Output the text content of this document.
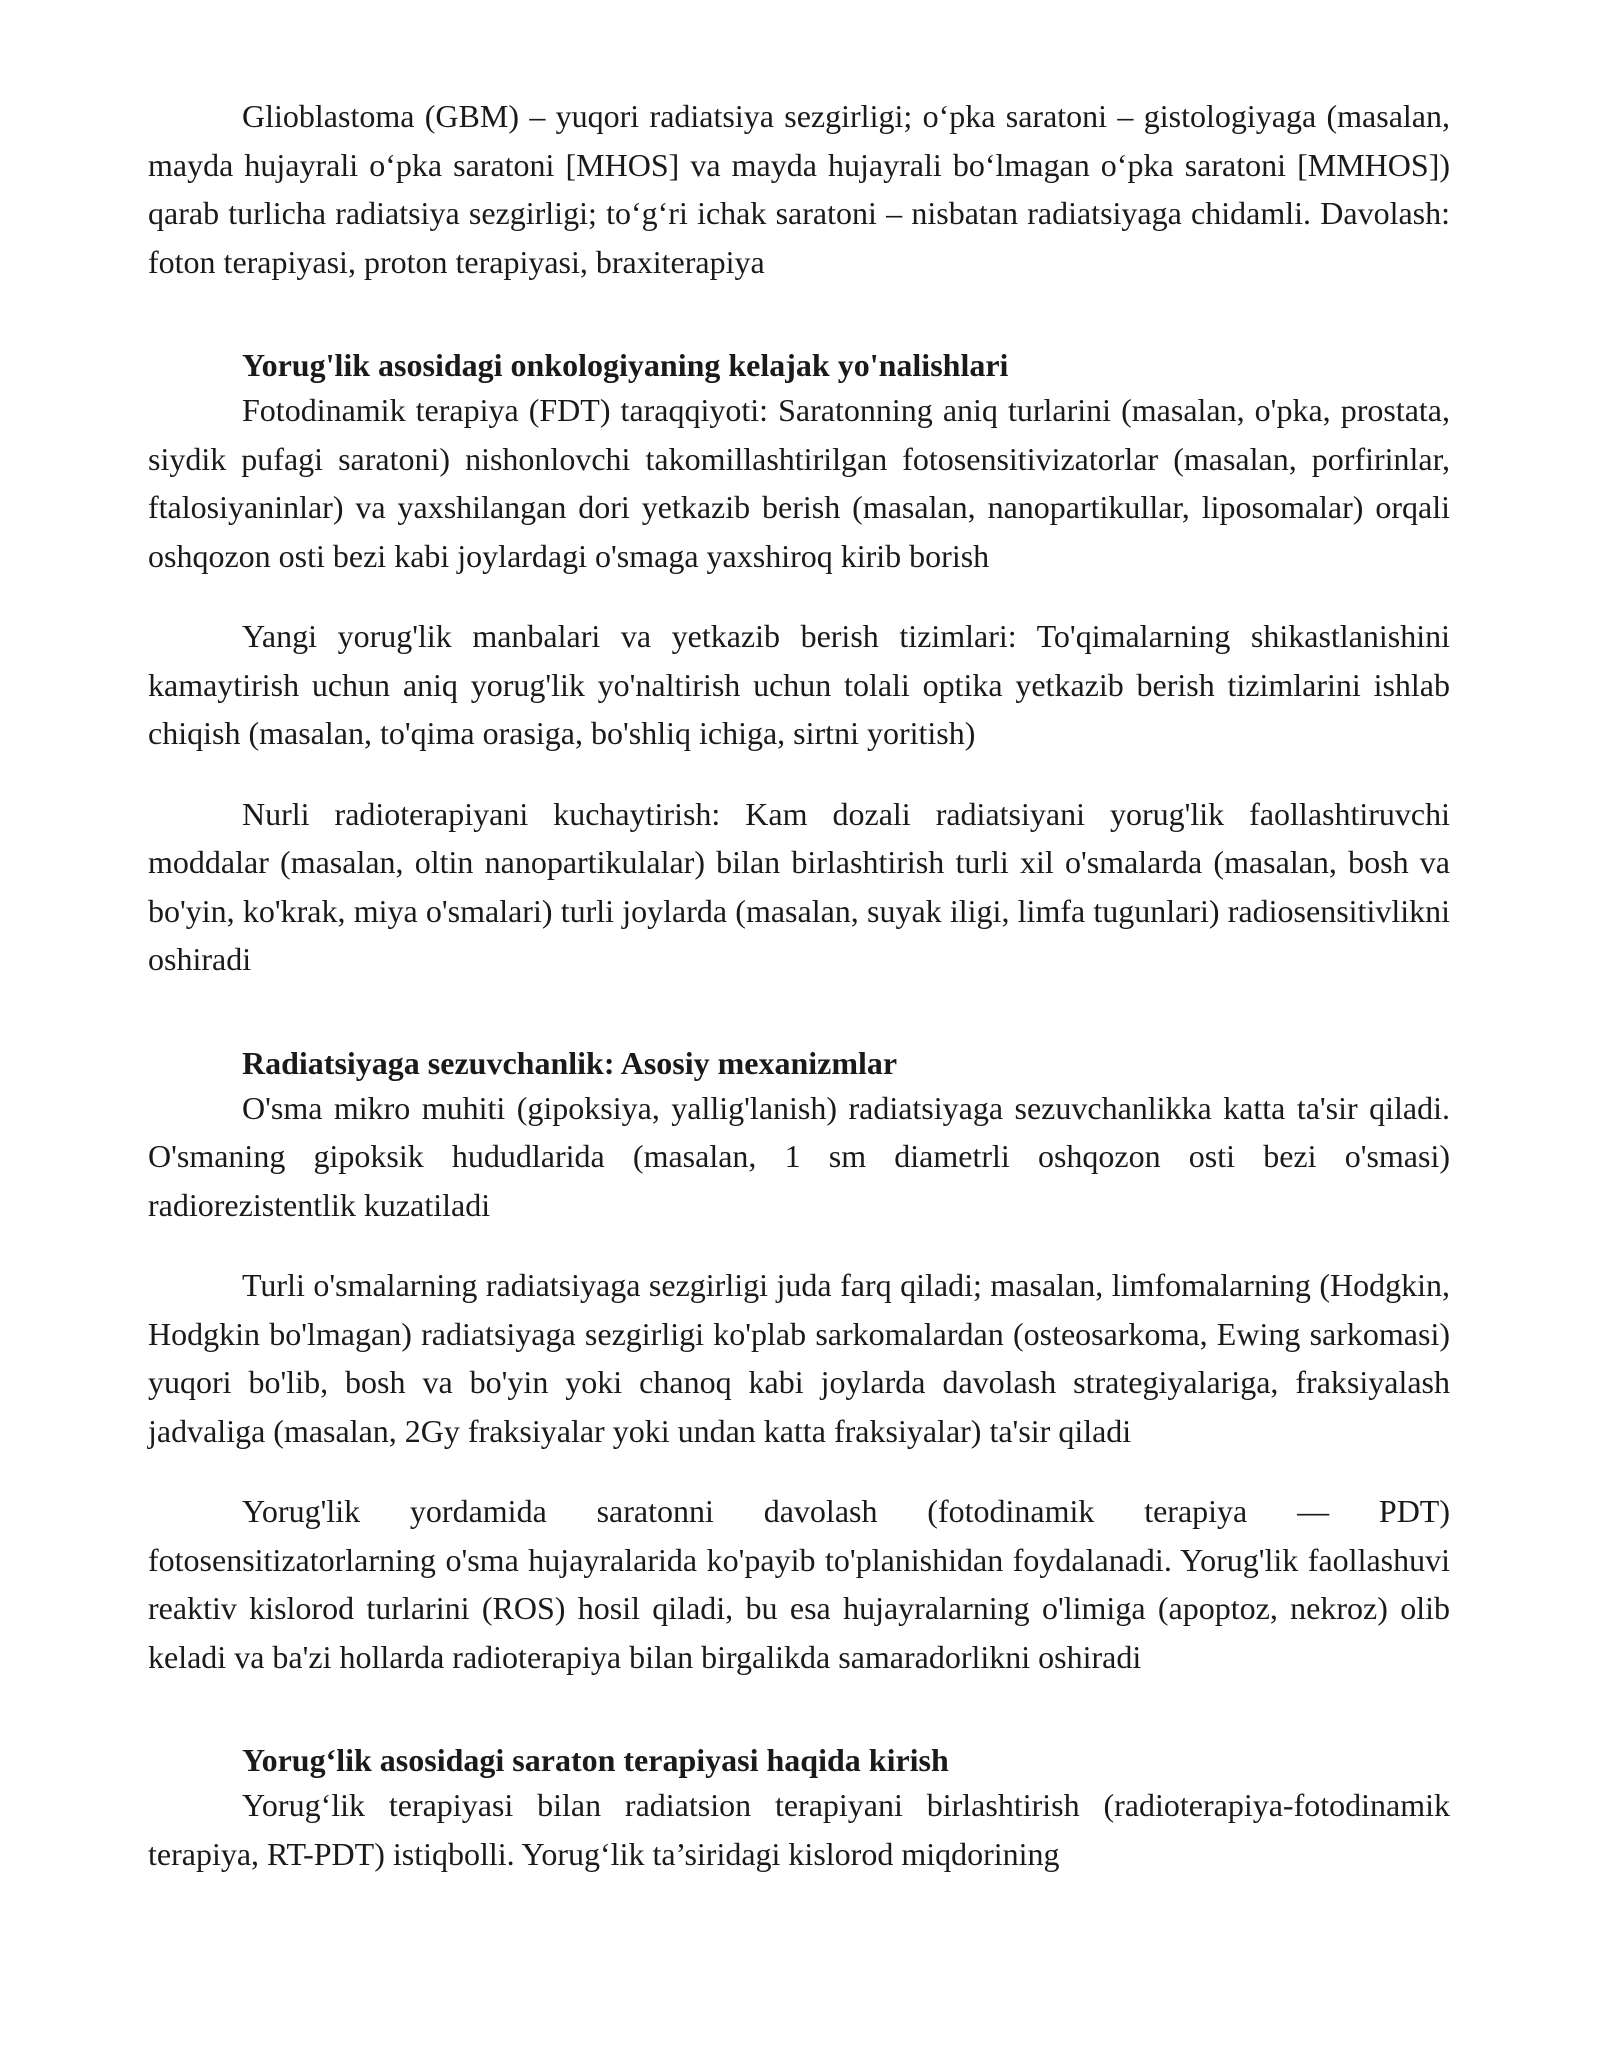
Glioblastoma (GBM) – yuqori radiatsiya sezgirligi; o‘pka saratoni – gistologiyaga (masalan, mayda hujayrali o‘pka saratoni [MHOS] va mayda hujayrali bo‘lmagan o‘pka saratoni [MMHOS]) qarab turlicha radiatsiya sezgirligi; to‘g‘ri ichak saratoni – nisbatan radiatsiyaga chidamli. Davolash: foton terapiyasi, proton terapiyasi, braxiterapiya

Yorug'lik asosidagi onkologiyaning kelajak yo'nalishlari

Fotodinamik terapiya (FDT) taraqqiyoti: Saratonning aniq turlarini (masalan, o'pka, prostata, siydik pufagi saratoni) nishonlovchi takomillashtirilgan fotosensitivizatorlar (masalan, porfirinlar, ftalosiyaninlar) va yaxshilangan dori yetkazib berish (masalan, nanopartikullar, liposomalar) orqali oshqozon osti bezi kabi joylardagi o'smaga yaxshiroq kirib borish

Yangi yorug'lik manbalari va yetkazib berish tizimlari: To'qimalarning shikastlanishini kamaytirish uchun aniq yorug'lik yo'naltirish uchun tolali optika yetkazib berish tizimlarini ishlab chiqish (masalan, to'qima orasiga, bo'shliq ichiga, sirtni yoritish)

Nurli radioterapiyani kuchaytirish: Kam dozali radiatsiyani yorug'lik faollashtiruvchi moddalar (masalan, oltin nanopartikulalar) bilan birlashtirish turli xil o'smalarda (masalan, bosh va bo'yin, ko'krak, miya o'smalari) turli joylarda (masalan, suyak iligi, limfa tugunlari) radiosensitivlikni oshiradi

Radiatsiyaga sezuvchanlik: Asosiy mexanizmlar

O'sma mikro muhiti (gipoksiya, yallig'lanish) radiatsiyaga sezuvchanlikka katta ta'sir qiladi. O'smaning gipoksik hududlarida (masalan, 1 sm diametrli oshqozon osti bezi o'smasi) radiorezistentlik kuzatiladi

Turli o'smalarning radiatsiyaga sezgirligi juda farq qiladi; masalan, limfomalarning (Hodgkin, Hodgkin bo'lmagan) radiatsiyaga sezgirligi ko'plab sarkomalardan (osteosarkoma, Ewing sarkomasi) yuqori bo'lib, bosh va bo'yin yoki chanoq kabi joylarda davolash strategiyalariga, fraksiyalash jadvaliga (masalan, 2Gy fraksiyalar yoki undan katta fraksiyalar) ta'sir qiladi

Yorug'lik yordamida saratonni davolash (fotodinamik terapiya — PDT) fotosensitizatorlarning o'sma hujayralarida ko'payib to'planishidan foydalanadi. Yorug'lik faollashuvi reaktiv kislorod turlarini (ROS) hosil qiladi, bu esa hujayralarning o'limiga (apoptoz, nekroz) olib keladi va ba'zi hollarda radioterapiya bilan birgalikda samaradorlikni oshiradi

Yorug‘lik asosidagi saraton terapiyasi haqida kirish

Yorug‘lik terapiyasi bilan radiatsion terapiyani birlashtirish (radioterapiya-fotodinamik terapiya, RT-PDT) istiqbolli. Yorug‘lik ta’siridagi kislorod miqdorining
